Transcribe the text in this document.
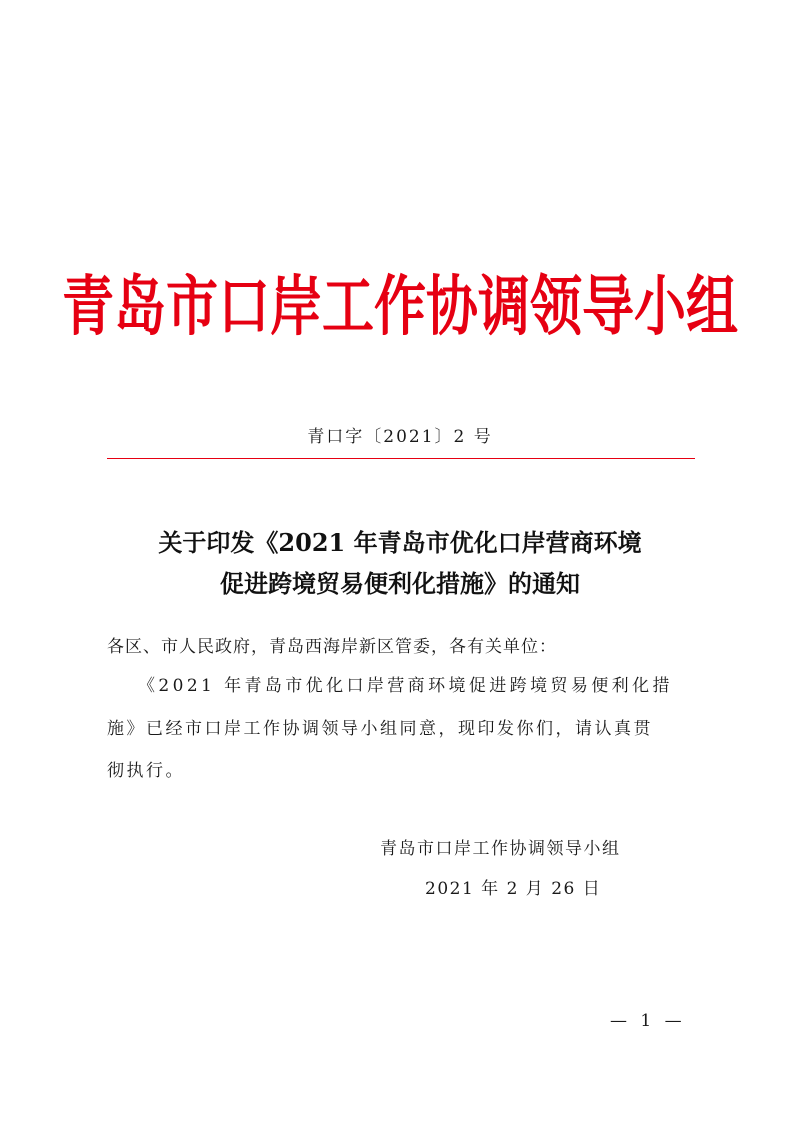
青岛市口岸工作协调领导小组
青口字〔2021〕2 号
关于印发《2021 年青岛市优化口岸营商环境
促进跨境贸易便利化措施》的通知
各区、市人民政府，青岛西海岸新区管委，各有关单位：
《2021 年青岛市优化口岸营商环境促进跨境贸易便利化措
施》已经市口岸工作协调领导小组同意，现印发你们，请认真贯
彻执行。
青岛市口岸工作协调领导小组
2021 年 2 月 26 日
— 1 —
